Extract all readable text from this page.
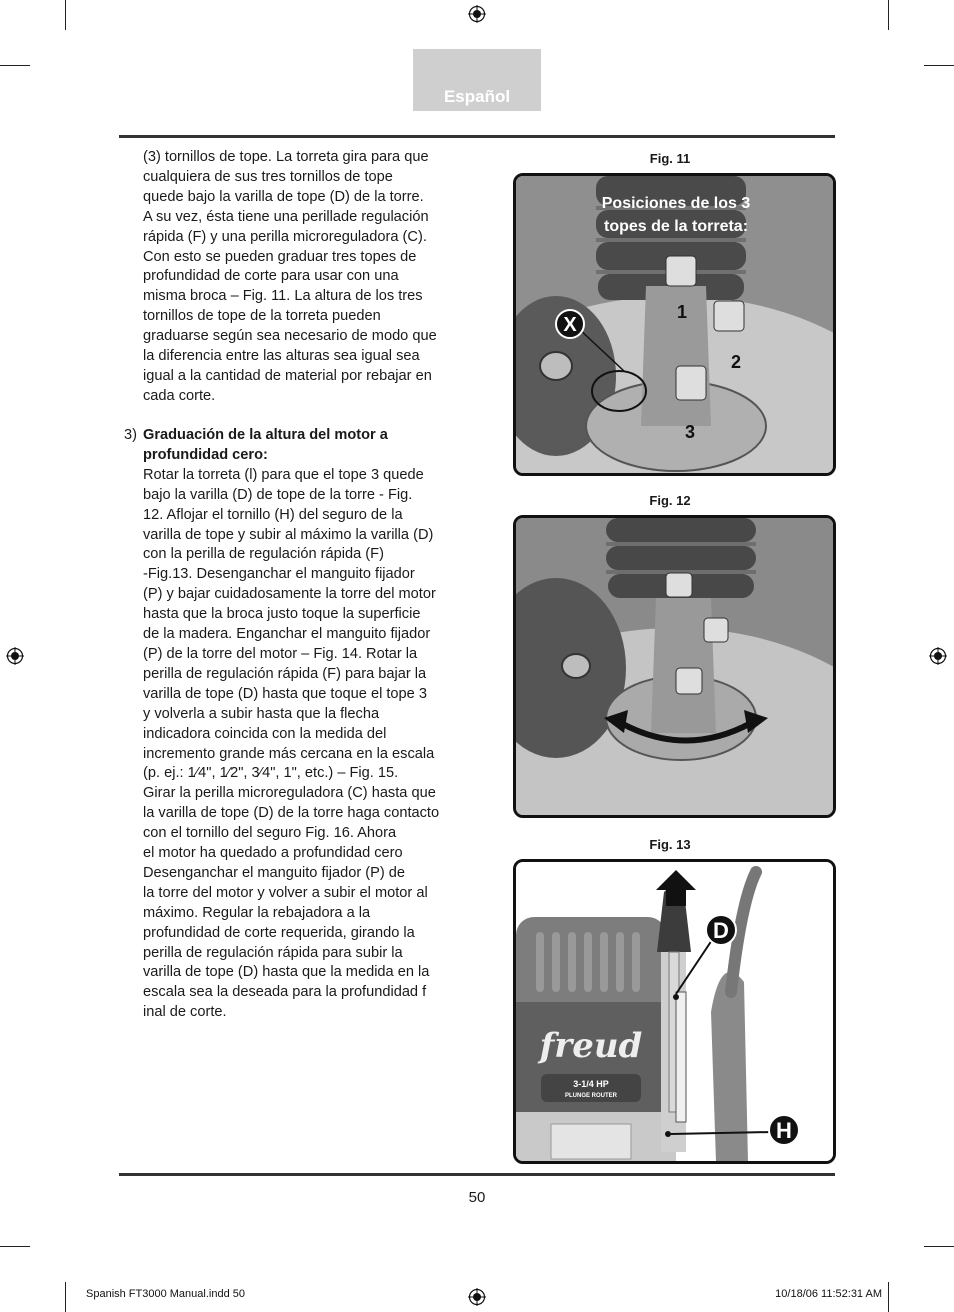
Español

(3) tornillos de tope. La torreta gira para que

cualquiera de sus tres tornillos de tope

quede bajo la varilla de tope (D) de la torre.

A su vez, ésta tiene una perillade regulación

rápida (F) y una perilla microreguladora (C).

Con esto se pueden graduar tres topes de

profundidad de corte para usar con una

misma broca – Fig. 11. La altura de los tres

tornillos de tope de la torreta pueden

graduarse según sea necesario de modo que

la diferencia entre las alturas sea igual sea

igual a la cantidad de material por rebajar en

cada corte.

3) Graduación de la altura del motor a

profundidad cero:

Rotar la torreta (l) para que el tope 3 quede

bajo la varilla (D) de tope de la torre - Fig.

12. Aflojar el tornillo (H) del seguro de la

varilla de tope y subir al máximo la varilla (D)

con la perilla de regulación rápida (F)

-Fig.13. Desenganchar el manguito fijador

(P) y bajar cuidadosamente la torre del motor

hasta que la broca justo toque la superficie

de la madera. Enganchar el manguito fijador

(P) de la torre del motor – Fig. 14. Rotar la

perilla de regulación rápida (F) para bajar la

varilla de tope (D) hasta que toque el tope 3

y volverla a subir hasta que la flecha

indicadora coincida con la medida del

incremento grande más cercana en la escala

(p. ej.: 1⁄4", 1⁄2", 3⁄4", 1", etc.) – Fig. 15.

Girar la perilla microreguladora (C) hasta que

la varilla de tope (D) de la torre haga contacto

con el tornillo del seguro Fig. 16. Ahora

el motor ha quedado a profundidad cero

Desenganchar el manguito fijador (P) de

la torre del motor y volver a subir el motor al

máximo. Regular la rebajadora a la

profundidad de corte requerida, girando la

perilla de regulación rápida para subir la

varilla de tope (D) hasta que la medida en la

escala sea la deseada para la profundidad f

inal de corte.

Fig. 11
X
Posiciones de los 3
topes de la torreta:
1
2
3
Fig. 12
Fig. 13
freud
3-1/4 HP
PLUNGE ROUTER
D
H
50
Spanish FT3000 Manual.indd 50	10/18/06 11:52:31 AM
